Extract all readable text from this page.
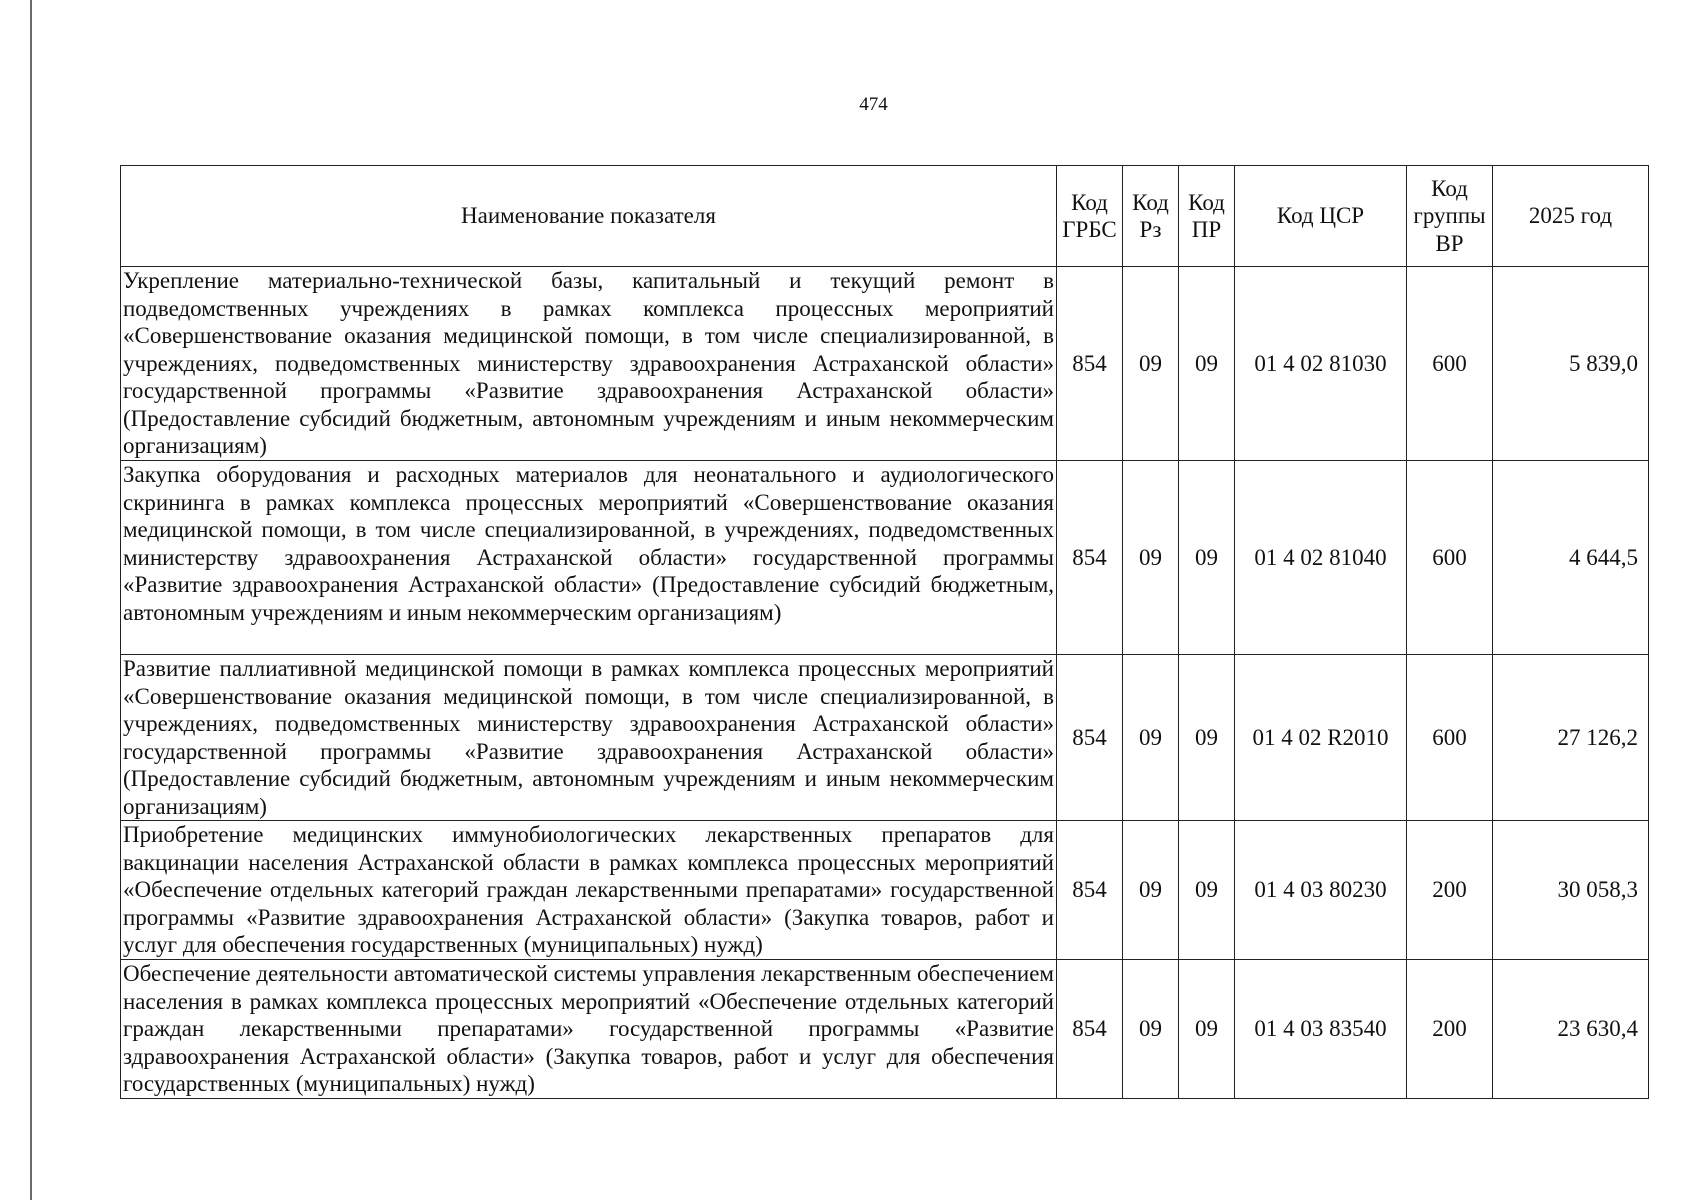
474
Наименование показателя	Код ГРБС	Код Рз	Код ПР	Код ЦСР	Код группы ВР	2025 год
Укрепление материально-технической базы, капитальный и текущий ремонт в подведомственных учреждениях в рамках комплекса процессных мероприятий «Совершенствование оказания медицинской помощи, в том числе специализированной, в учреждениях, подведомственных министерству здравоохранения Астраханской области» государственной программы «Развитие здравоохранения Астраханской области» (Предоставление субсидий бюджетным, автономным учреждениям и иным некоммерческим организациям)	854	09	09	01 4 02 81030	600	5 839,0
Закупка оборудования и расходных материалов для неонатального и аудиологического скрининга в рамках комплекса процессных мероприятий «Совершенствование оказания медицинской помощи, в том числе специализированной, в учреждениях, подведомственных министерству здравоохранения Астраханской области» государственной программы «Развитие здравоохранения Астраханской области» (Предоставление субсидий бюджетным, автономным учреждениям и иным некоммерческим организациям)	854	09	09	01 4 02 81040	600	4 644,5
Развитие паллиативной медицинской помощи в рамках комплекса процессных мероприятий «Совершенствование оказания медицинской помощи, в том числе специализированной, в учреждениях, подведомственных министерству здравоохранения Астраханской области» государственной программы «Развитие здравоохранения Астраханской области» (Предоставление субсидий бюджетным, автономным учреждениям и иным некоммерческим организациям)	854	09	09	01 4 02 R2010	600	27 126,2
Приобретение медицинских иммунобиологических лекарственных препаратов для вакцинации населения Астраханской области в рамках комплекса процессных мероприятий «Обеспечение отдельных категорий граждан лекарственными препаратами» государственной программы «Развитие здравоохранения Астраханской области» (Закупка товаров, работ и услуг для обеспечения государственных (муниципальных) нужд)	854	09	09	01 4 03 80230	200	30 058,3
Обеспечение деятельности автоматической системы управления лекарственным обеспечением населения в рамках комплекса процессных мероприятий «Обеспечение отдельных категорий граждан лекарственными препаратами» государственной программы «Развитие здравоохранения Астраханской области» (Закупка товаров, работ и услуг для обеспечения государственных (муниципальных) нужд)	854	09	09	01 4 03 83540	200	23 630,4
